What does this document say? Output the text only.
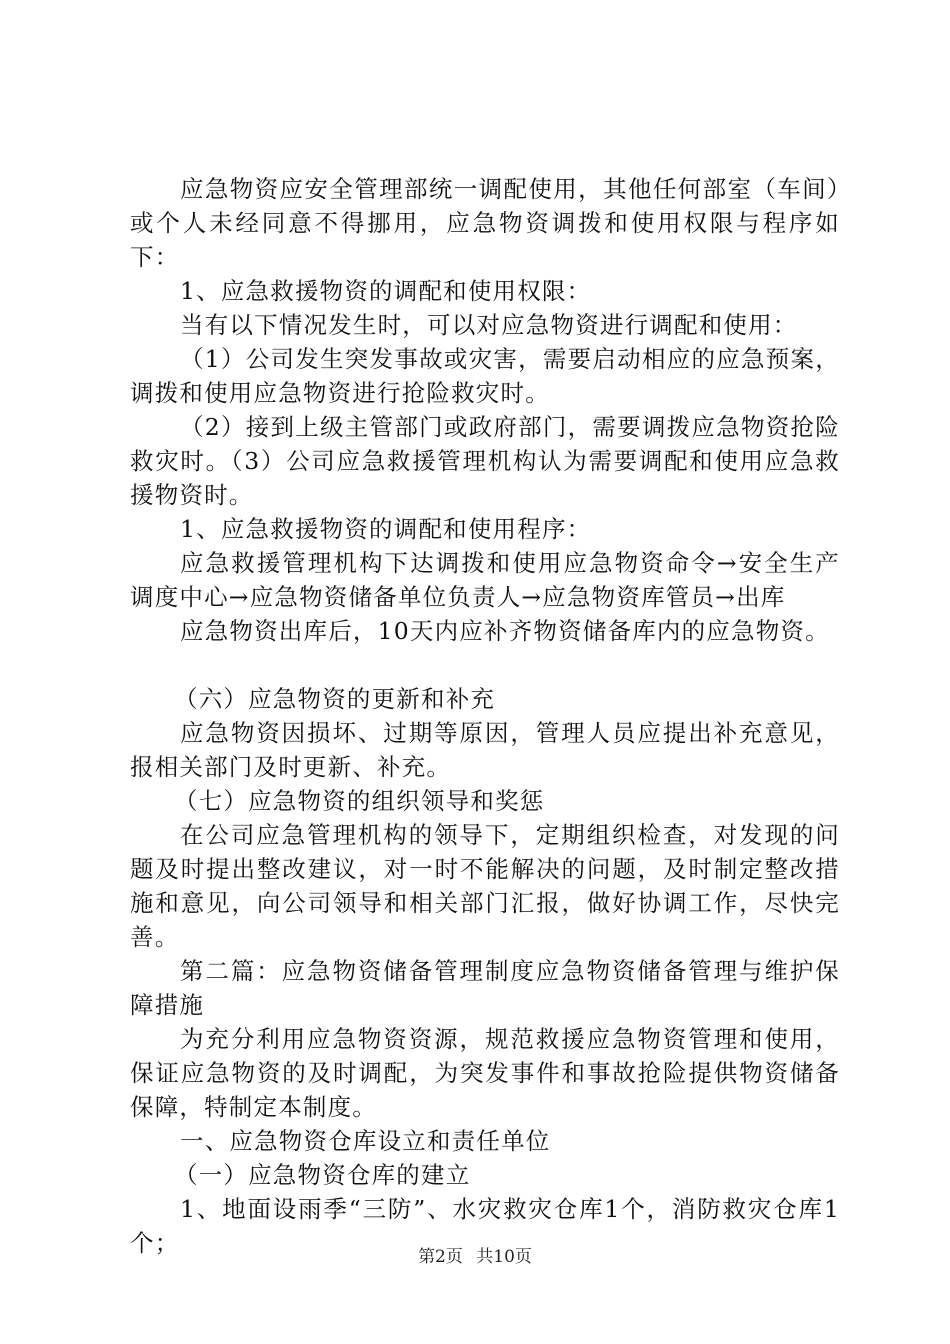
应急物资应安全管理部统一调配使用，其他任何部室（车间）或个人未经同意不得挪用，应急物资调拨和使用权限与程序如下：

1、应急救援物资的调配和使用权限：

当有以下情况发生时，可以对应急物资进行调配和使用：

（1）公司发生突发事故或灾害，需要启动相应的应急预案，调拨和使用应急物资进行抢险救灾时。

（2）接到上级主管部门或政府部门，需要调拨应急物资抢险救灾时。（3）公司应急救援管理机构认为需要调配和使用应急救援物资时。

1、应急救援物资的调配和使用程序：

应急救援管理机构下达调拨和使用应急物资命令→安全生产调度中心→应急物资储备单位负责人→应急物资库管员→出库

应急物资出库后，10天内应补齐物资储备库内的应急物资。

（六）应急物资的更新和补充

应急物资因损坏、过期等原因，管理人员应提出补充意见，报相关部门及时更新、补充。

（七）应急物资的组织领导和奖惩

在公司应急管理机构的领导下，定期组织检查，对发现的问题及时提出整改建议，对一时不能解决的问题，及时制定整改措施和意见，向公司领导和相关部门汇报，做好协调工作，尽快完善。

第二篇：应急物资储备管理制度应急物资储备管理与维护保障措施

为充分利用应急物资资源，规范救援应急物资管理和使用，保证应急物资的及时调配，为突发事件和事故抢险提供物资储备保障，特制定本制度。

一、应急物资仓库设立和责任单位

（一）应急物资仓库的建立

1、地面设雨季“三防”、水灾救灾仓库1个，消防救灾仓库1个；	第2页 共10页
